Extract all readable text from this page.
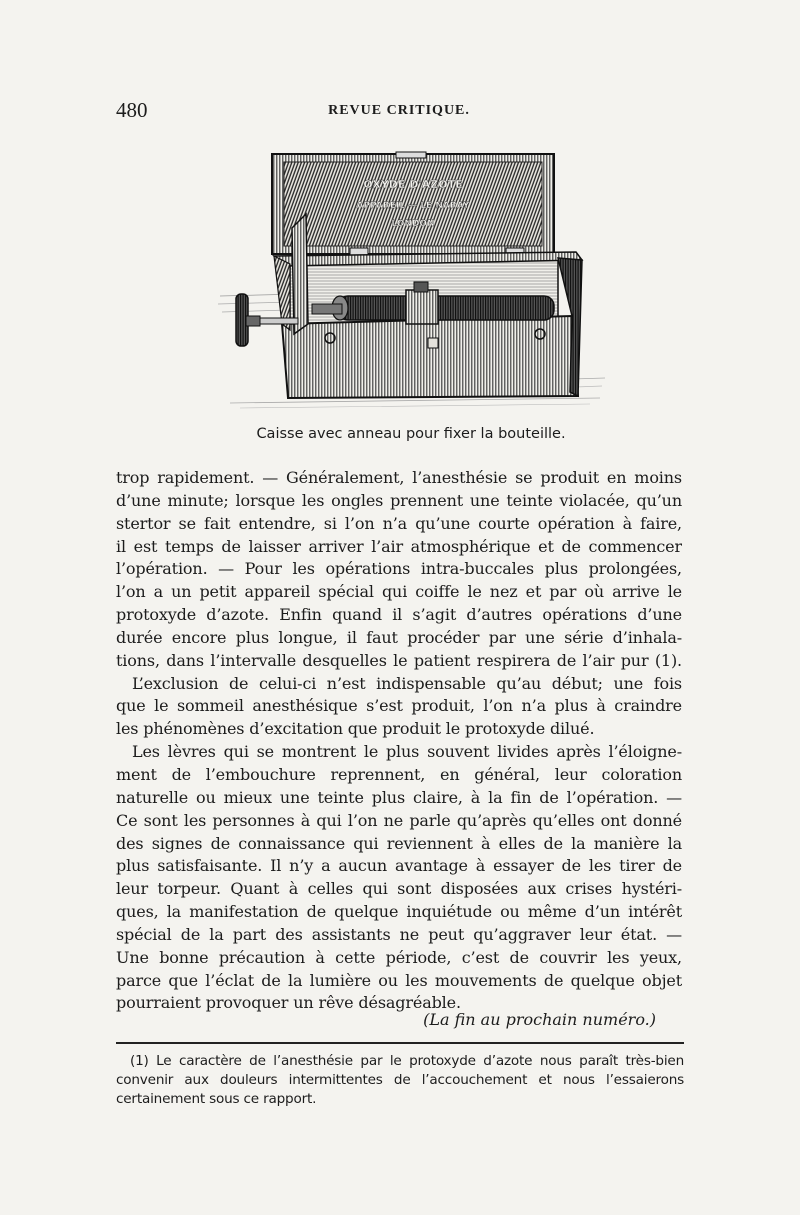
480	REVUE CRITIQUE.
OXYDE D'AZOTE
APPAREIL — LE NARAY
LONDON
Caisse avec anneau pour fixer la bouteille.
trop rapidement. — Généralement, l’anesthésie se produit en moins
d’une minute; lorsque les ongles prennent une teinte violacée, qu’un
stertor se fait entendre, si l’on n’a qu’une courte opération à faire,
il est temps de laisser arriver l’air atmosphérique et de commencer
l’opération. — Pour les opérations intra-buccales plus prolongées,
l’on a un petit appareil spécial qui coiffe le nez et par où arrive le
protoxyde d’azote. Enfin quand il s’agit d’autres opérations d’une
durée encore plus longue, il faut procéder par une série d’inhala-
tions, dans l’intervalle desquelles le patient respirera de l’air pur (1).
L’exclusion de celui-ci n’est indispensable qu’au début; une fois
que le sommeil anesthésique s’est produit, l’on n’a plus à craindre
les phénomènes d’excitation que produit le protoxyde dilué.
Les lèvres qui se montrent le plus souvent livides après l’éloigne-
ment de l’embouchure reprennent, en général, leur coloration
naturelle ou mieux une teinte plus claire, à la fin de l’opération. —
Ce sont les personnes à qui l’on ne parle qu’après qu’elles ont donné
des signes de connaissance qui reviennent à elles de la manière la
plus satisfaisante. Il n’y a aucun avantage à essayer de les tirer de
leur torpeur. Quant à celles qui sont disposées aux crises hystéri-
ques, la manifestation de quelque inquiétude ou même d’un intérêt
spécial de la part des assistants ne peut qu’aggraver leur état. —
Une bonne précaution à cette période, c’est de couvrir les yeux,
parce que l’éclat de la lumière ou les mouvements de quelque objet
pourraient provoquer un rêve désagréable.
(La fin au prochain numéro.)
(1) Le caractère de l’anesthésie par le protoxyde d’azote nous paraît très-bien
convenir aux douleurs intermittentes de l’accouchement et nous l’essaierons
certainement sous ce rapport.
